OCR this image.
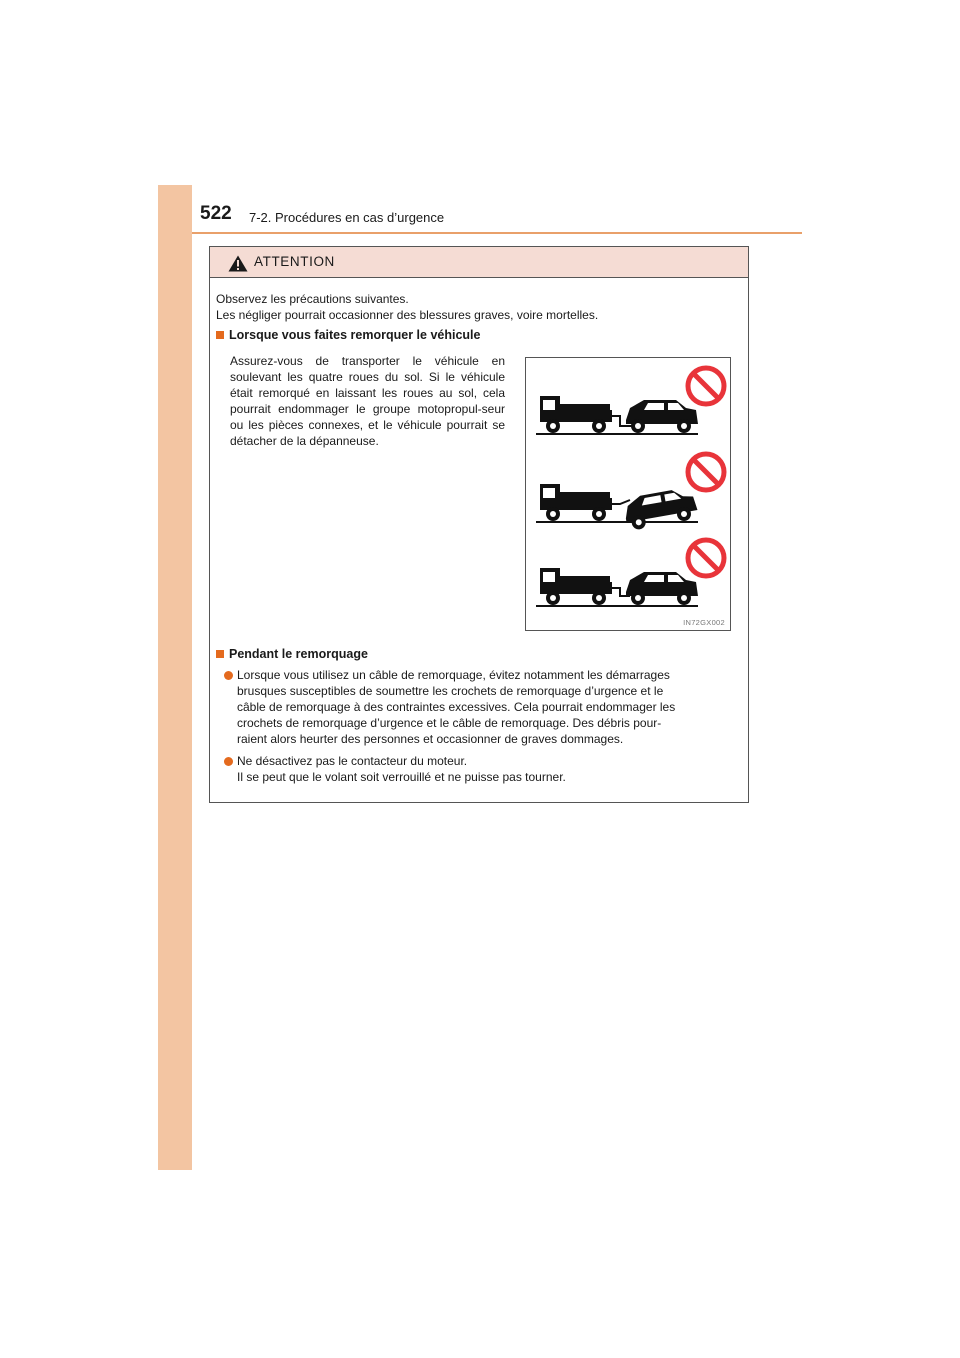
522 7-2. Procédures en cas d’urgence
ATTENTION
Observez les précautions suivantes.
Les négliger pourrait occasionner des blessures graves, voire mortelles.
Lorsque vous faites remorquer le véhicule
Assurez-vous de transporter le véhicule en soulevant les quatre roues du sol. Si le véhicule était remorqué en laissant les roues au sol, cela pourrait endommager le groupe motopropul-seur ou les pièces connexes, et le véhicule pourrait se détacher de la dépanneuse.
IN72GX002
Pendant le remorquage
Lorsque vous utilisez un câble de remorquage, évitez notamment les démarrages
brusques susceptibles de soumettre les crochets de remorquage d’urgence et le
câble de remorquage à des contraintes excessives. Cela pourrait endommager les
crochets de remorquage d’urgence et le câble de remorquage. Des débris pour-
raient alors heurter des personnes et occasionner de graves dommages.
Ne désactivez pas le contacteur du moteur.
Il se peut que le volant soit verrouillé et ne puisse pas tourner.
